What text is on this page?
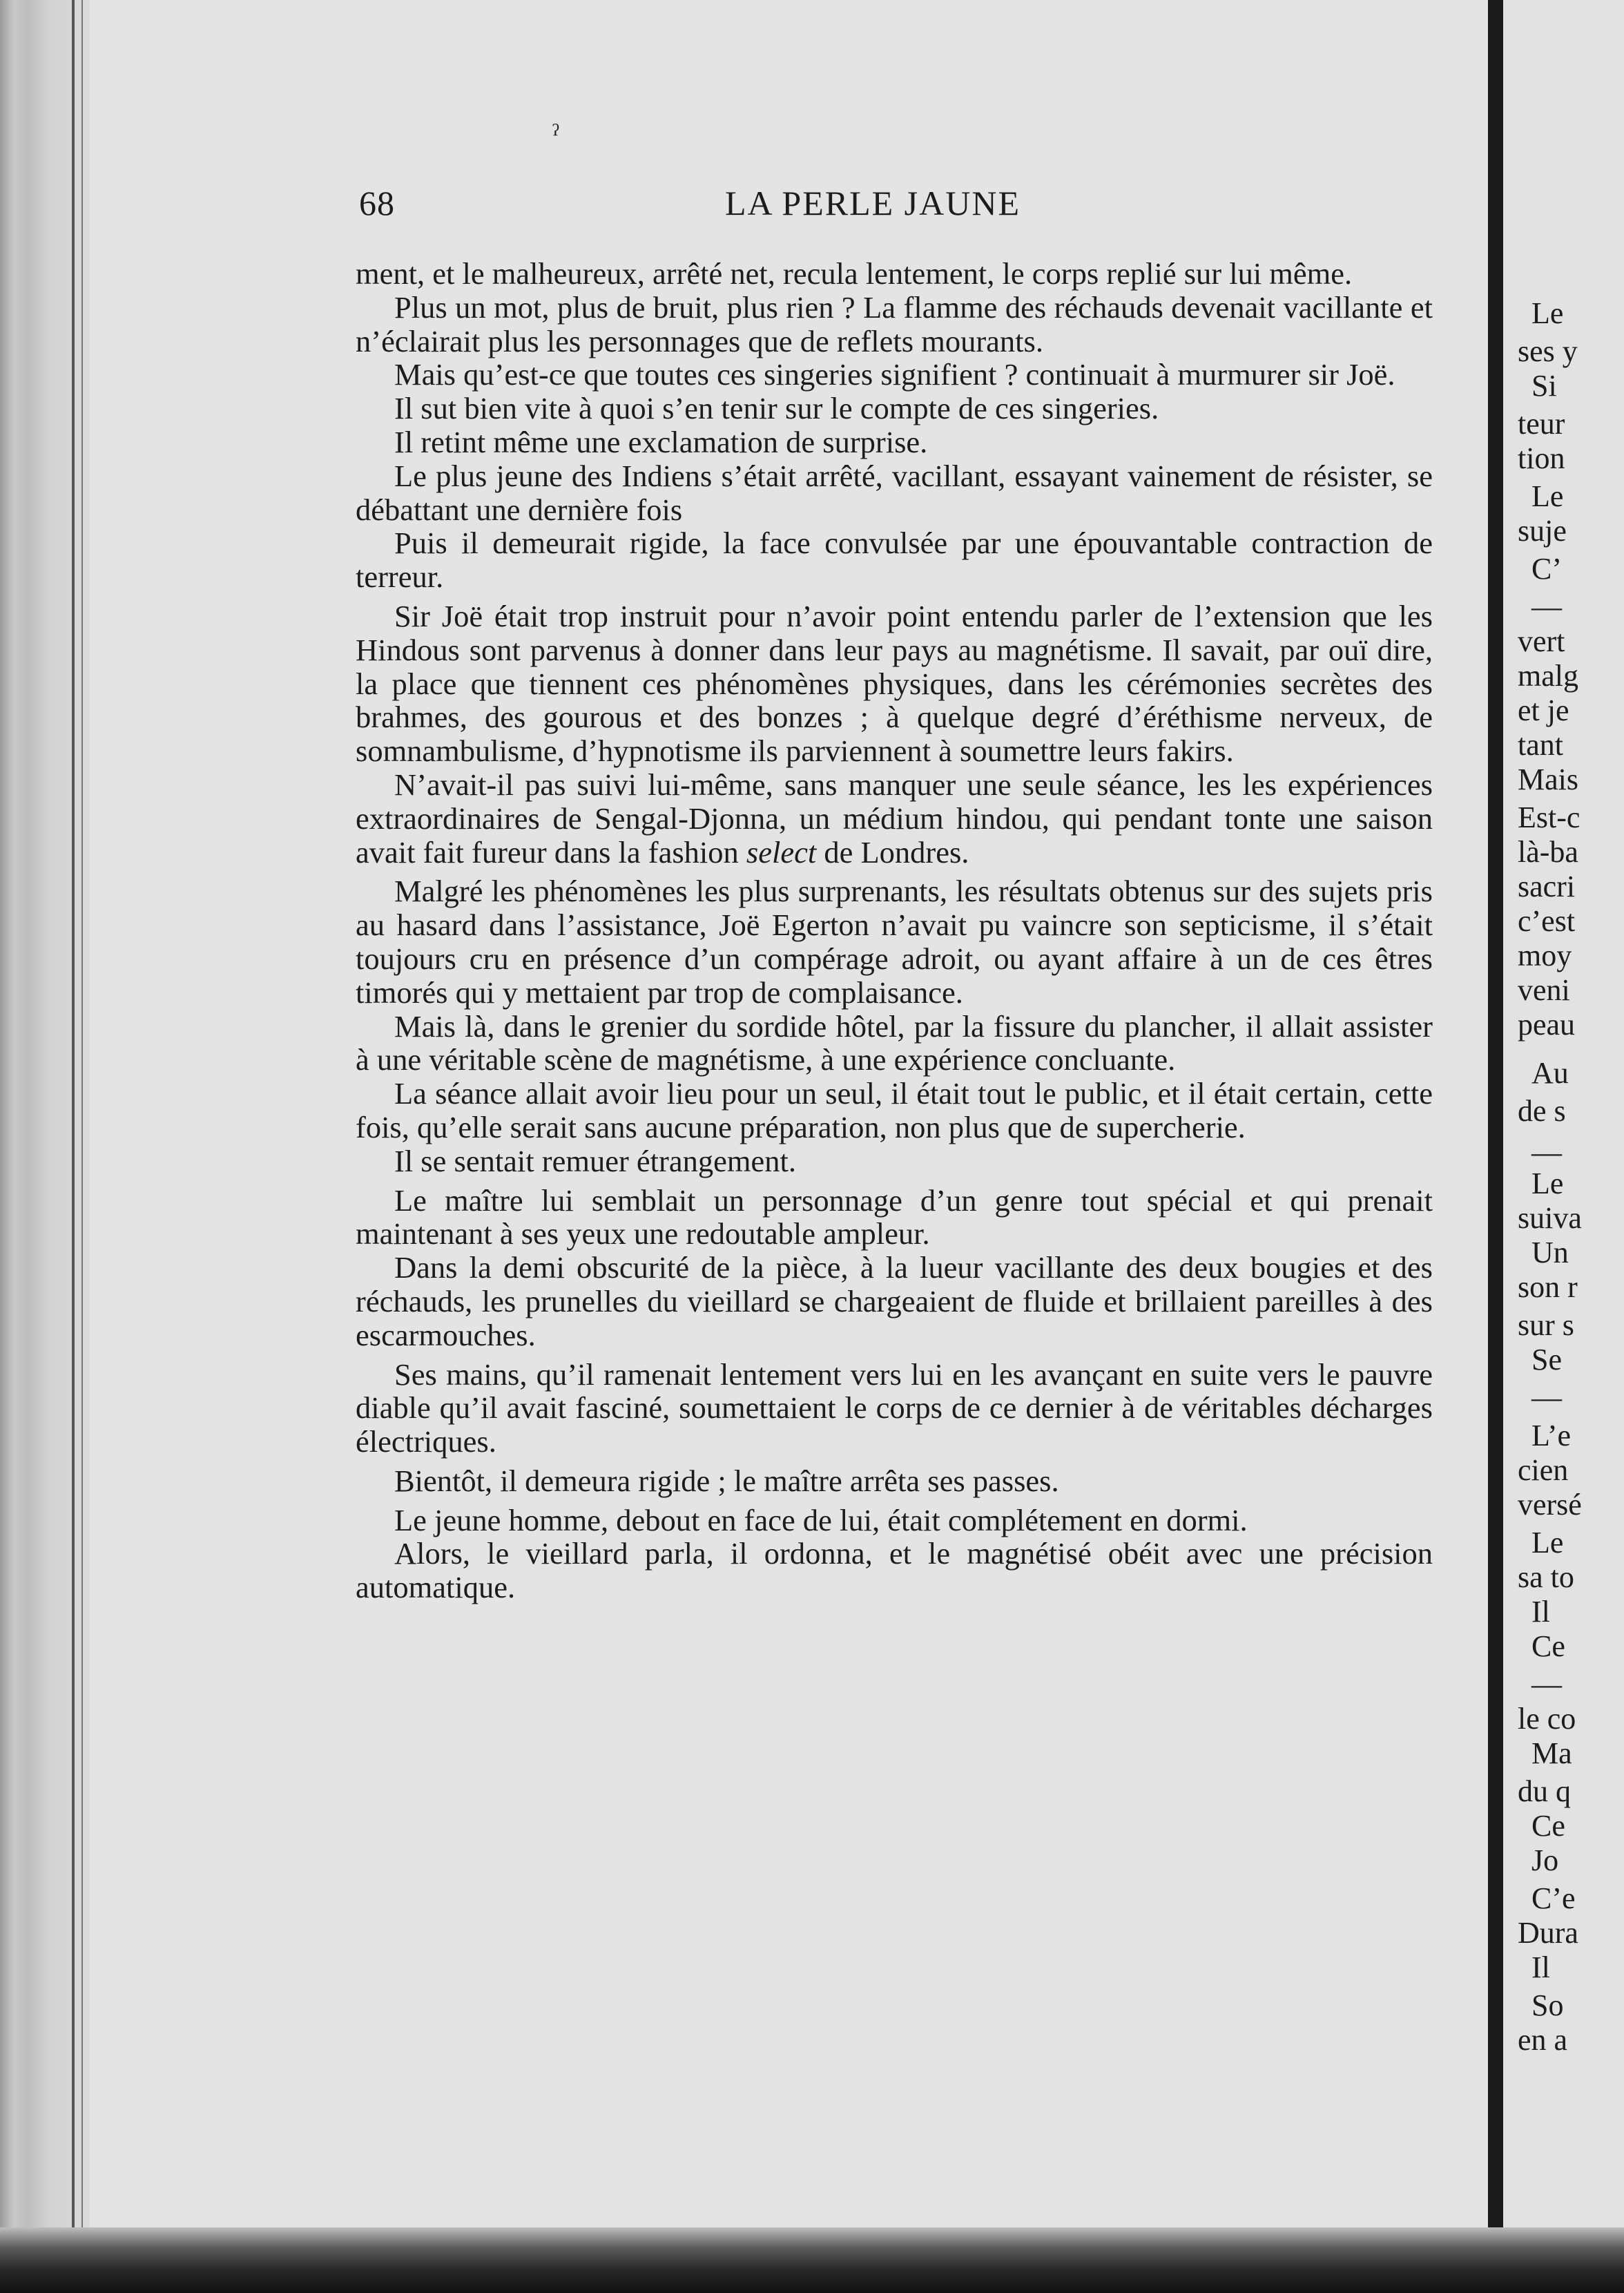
ˀ
68	LA PERLE JAUNE

ment, et le malheureux, arrêté net, recula lentement, le corps replié sur lui même.

Plus un mot, plus de bruit, plus rien ? La flamme des réchauds devenait vacillante et n’éclairait plus les personnages que de reflets mourants.

Mais qu’est-ce que toutes ces singeries signifient ? continuait à murmurer sir Joë.

Il sut bien vite à quoi s’en tenir sur le compte de ces singeries.

Il retint même une exclamation de surprise.

Le plus jeune des Indiens s’était arrêté, vacillant, essayant vainement de résister, se débattant une dernière fois

Puis il demeurait rigide, la face convulsée par une épouvantable contraction de terreur.

Sir Joë était trop instruit pour n’avoir point entendu parler de l’extension que les Hindous sont parvenus à donner dans leur pays au magnétisme. Il savait, par ouï dire, la place que tiennent ces phénomènes physiques, dans les cérémonies secrètes des brahmes, des gourous et des bonzes ; à quelque degré d’éréthisme nerveux, de somnambulisme, d’hypnotisme ils parviennent à soumettre leurs fakirs.

N’avait-il pas suivi lui-même, sans manquer une seule séance, les les expériences extraordinaires de Sengal-Djonna, un médium hindou, qui pendant tonte une saison avait fait fureur dans la fashion select de Londres.

Malgré les phénomènes les plus surprenants, les résultats obtenus sur des sujets pris au hasard dans l’assistance, Joë Egerton n’avait pu vaincre son septicisme, il s’était toujours cru en présence d’un compérage adroit, ou ayant affaire à un de ces êtres timorés qui y mettaient par trop de complaisance.

Mais là, dans le grenier du sordide hôtel, par la fissure du plancher, il allait assister à une véritable scène de magnétisme, à une expérience concluante.

La séance allait avoir lieu pour un seul, il était tout le public, et il était certain, cette fois, qu’elle serait sans aucune préparation, non plus que de supercherie.

Il se sentait remuer étrangement.

Le maître lui semblait un personnage d’un genre tout spécial et qui prenait maintenant à ses yeux une redoutable ampleur.

Dans la demi obscurité de la pièce, à la lueur vacillante des deux bougies et des réchauds, les prunelles du vieillard se chargeaient de fluide et brillaient pareilles à des escarmouches.

Ses mains, qu’il ramenait lentement vers lui en les avançant en suite vers le pauvre diable qu’il avait fasciné, soumettaient le corps de ce dernier à de véritables décharges électriques.

Bientôt, il demeura rigide ; le maître arrêta ses passes.

Le jeune homme, debout en face de lui, était complétement en dormi.

Alors, le vieillard parla, il ordonna, et le magnétisé obéit avec une précision automatique.

Le
ses y
Si
teur
tion
Le
suje
C’
—
vert
malg
et je
tant
Mais
Est-c
là-ba
sacri
c’est
moy
veni
peau
Au
de s
—
Le
suiva
Un
son r
sur s
Se
—
L’e
cien
versé
Le
sa to
Il
Ce
—
le co
Ma
du q
Ce
Jo
C’e
Dura
Il
So
en a
